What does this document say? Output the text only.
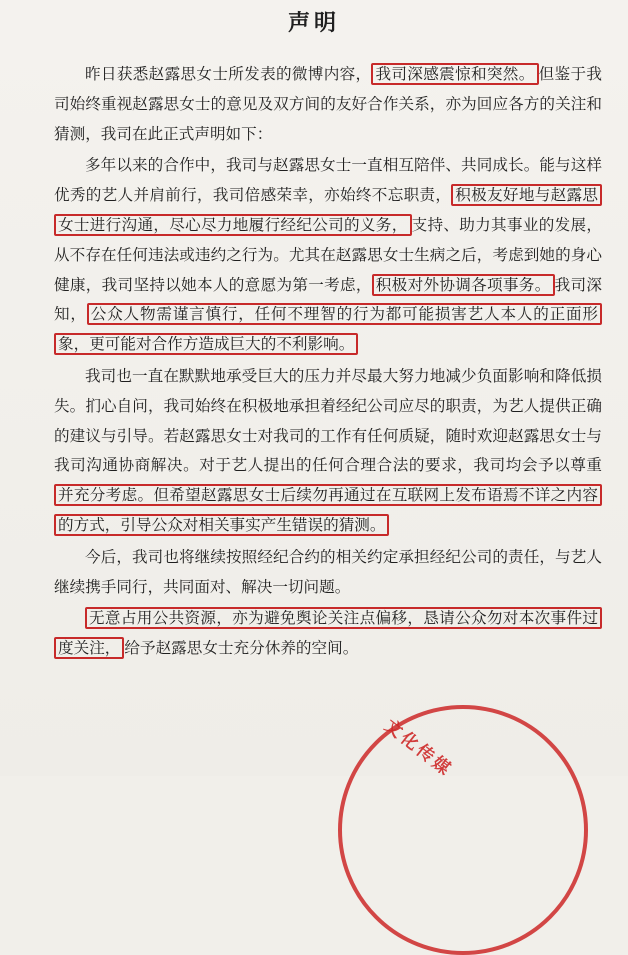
声明

昨日获悉赵露思女士所发表的微博内容， 我司深感震惊和突然。 但鉴于我司始终重视赵露思女士的意见及双方间的友好合作关系，亦为回应各方的关注和猜测，我司在此正式声明如下：

多年以来的合作中，我司与赵露思女士一直相互陪伴、共同成长。能与这样优秀的艺人并肩前行，我司倍感荣幸，亦始终不忘职责， 积极友好地与赵露思女士进行沟通，尽心尽力地履行经纪公司的义务， 支持、助力其事业的发展，从不存在任何违法或违约之行为。尤其在赵露思女士生病之后，考虑到她的身心健康，我司坚持以她本人的意愿为第一考虑， 积极对外协调各项事务。 我司深知， 公众人物需谨言慎行，任何不理智的行为都可能损害艺人本人的正面形象，更可能对合作方造成巨大的不利影响。

我司也一直在默默地承受巨大的压力并尽最大努力地减少负面影响和降低损失。扪心自问，我司始终在积极地承担着经纪公司应尽的职责，为艺人提供正确的建议与引导。若赵露思女士对我司的工作有任何质疑，随时欢迎赵露思女士与我司沟通协商解决。对于艺人提出的任何合理合法的要求，我司均会予以尊重并充分考虑。但希望赵露思女士后续勿再通过在互联网上发布语焉不详之内容的方式，引导公众对相关事实产生错误的猜测。

今后，我司也将继续按照经纪合约的相关约定承担经纪公司的责任，与艺人继续携手同行，共同面对、解决一切问题。

无意占用公共资源，亦为避免舆论关注点偏移，恳请公众勿对本次事件过度关注， 给予赵露思女士充分休养的空间。

文化传媒
